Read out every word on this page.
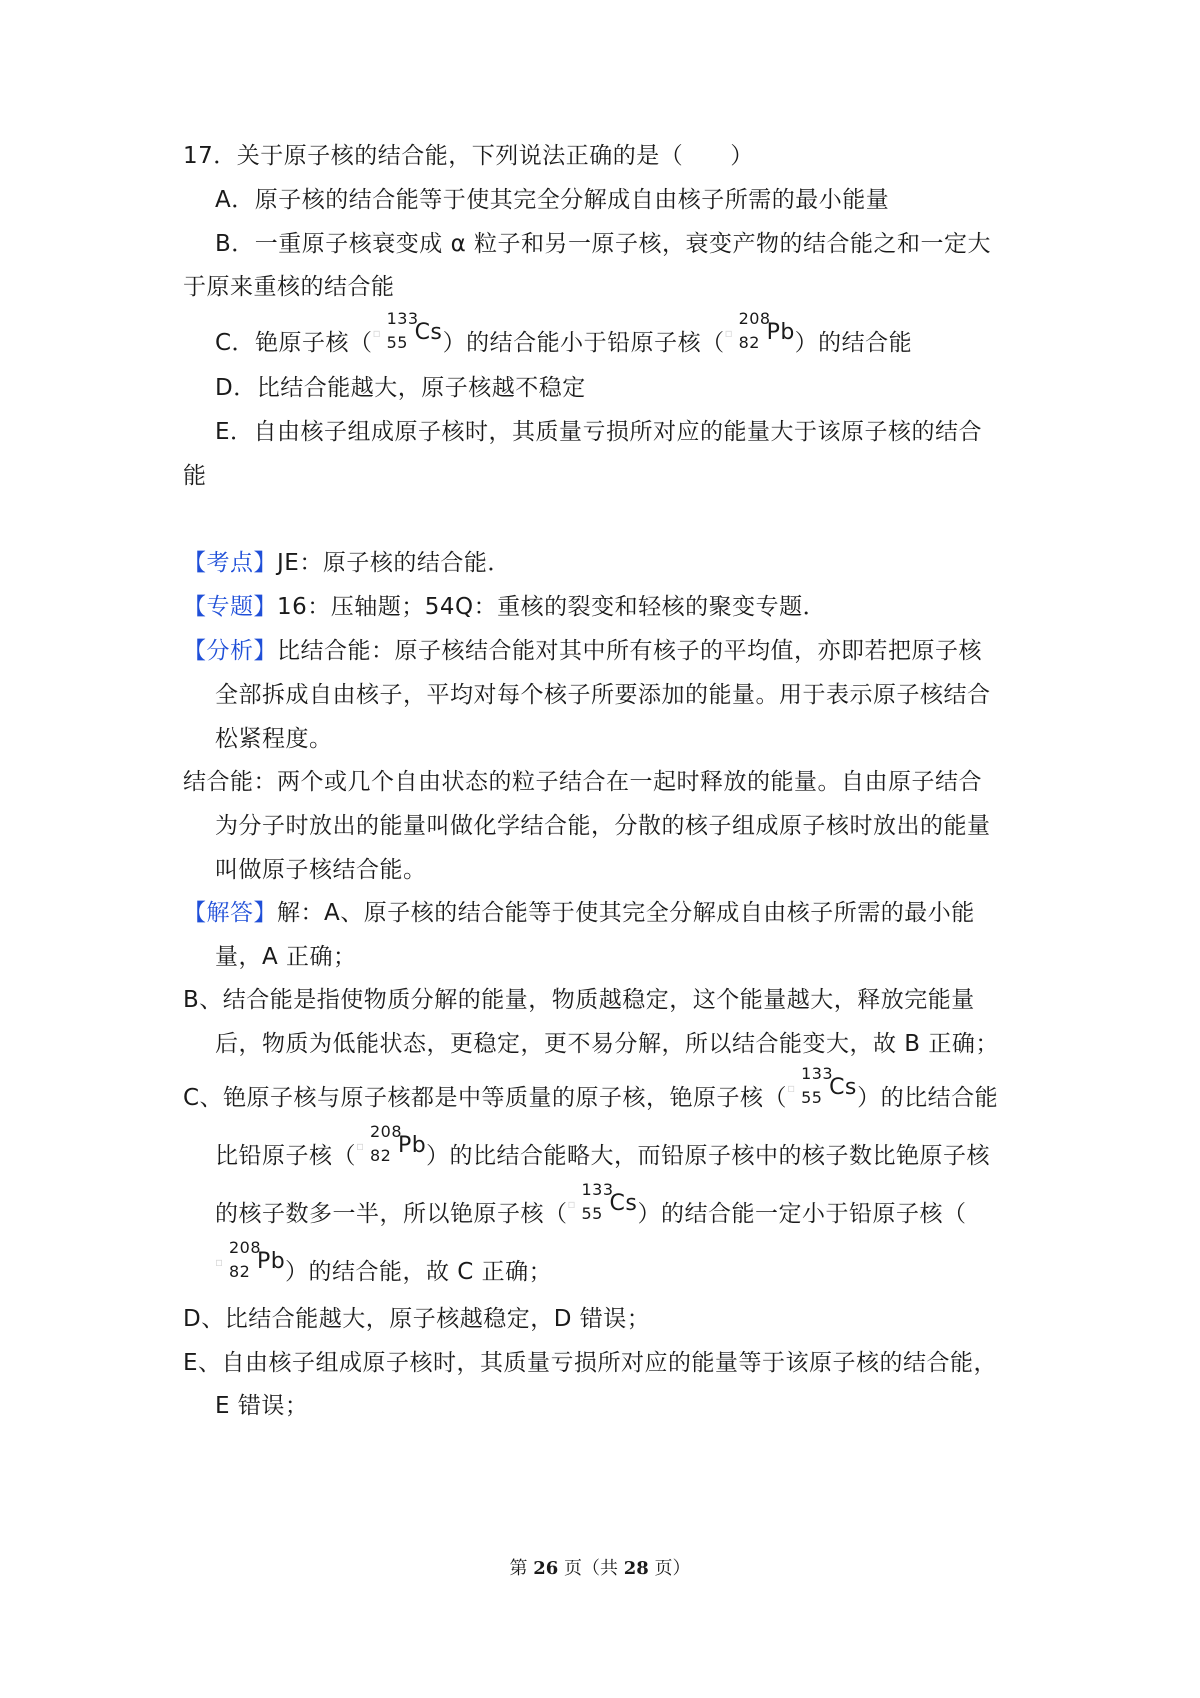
17．关于原子核的结合能，下列说法正确的是（　　）
A．原子核的结合能等于使其完全分解成自由核子所需的最小能量
B．一重原子核衰变成 α 粒子和另一原子核，衰变产物的结合能之和一定大
于原来重核的结合能
C．铯原子核（ ▫
133
55 Cs ）的结合能小于铅原子核（ ▫
208
82 Pb ）的结合能
D．比结合能越大，原子核越不稳定
E．自由核子组成原子核时，其质量亏损所对应的能量大于该原子核的结合
能
【考点】JE：原子核的结合能．
【专题】16：压轴题；54Q：重核的裂变和轻核的聚变专题．
【分析】比结合能：原子核结合能对其中所有核子的平均值，亦即若把原子核
全部拆成自由核子，平均对每个核子所要添加的能量。用于表示原子核结合
松紧程度。
结合能：两个或几个自由状态的粒子结合在一起时释放的能量。自由原子结合
为分子时放出的能量叫做化学结合能，分散的核子组成原子核时放出的能量
叫做原子核结合能。
【解答】解：A、原子核的结合能等于使其完全分解成自由核子所需的最小能
量，A 正确；
B、结合能是指使物质分解的能量，物质越稳定，这个能量越大，释放完能量
后，物质为低能状态，更稳定，更不易分解，所以结合能变大，故 B 正确；
C、铯原子核与原子核都是中等质量的原子核，铯原子核（ ▫
133
55 Cs ）的比结合能
比铅原子核（ ▫
208
82 Pb ）的比结合能略大，而铅原子核中的核子数比铯原子核
的核子数多一半，所以铯原子核（ ▫
133
55 Cs ）的结合能一定小于铅原子核（
▫
208
82 Pb ）的结合能，故 C 正确；
D、比结合能越大，原子核越稳定，D 错误；
E、自由核子组成原子核时，其质量亏损所对应的能量等于该原子核的结合能，
E 错误；
第 26 页（共 28 页）
